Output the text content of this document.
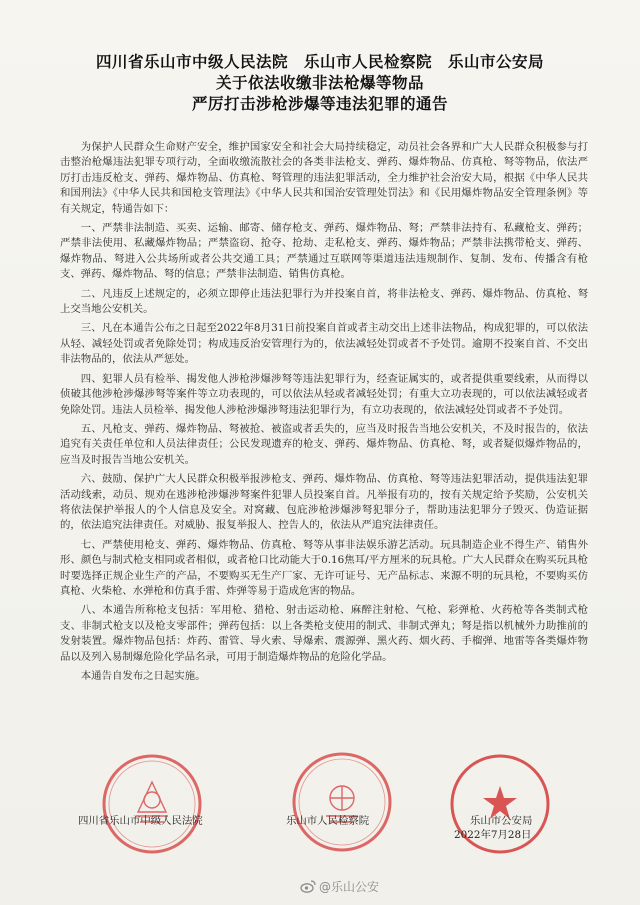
四川省乐山市中级人民法院　乐山市人民检察院　乐山市公安局
关于依法收缴非法枪爆等物品
严厉打击涉枪涉爆等违法犯罪的通告

为保护人民群众生命财产安全，维护国家安全和社会大局持续稳定，动员社会各界和广大人民群众积极参与打击整治枪爆违法犯罪专项行动，全面收缴流散社会的各类非法枪支、弹药、爆炸物品、仿真枪、弩等物品，依法严厉打击违反枪支、弹药、爆炸物品、仿真枪、弩管理的违法犯罪活动，全力维护社会治安大局，根据《中华人民共和国刑法》《中华人民共和国枪支管理法》《中华人民共和国治安管理处罚法》和《民用爆炸物品安全管理条例》等有关规定，特通告如下：

一、严禁非法制造、买卖、运输、邮寄、储存枪支、弹药、爆炸物品、弩；严禁非法持有、私藏枪支、弹药；严禁非法使用、私藏爆炸物品；严禁盗窃、抢夺、抢劫、走私枪支、弹药、爆炸物品；严禁非法携带枪支、弹药、爆炸物品、弩进入公共场所或者公共交通工具；严禁通过互联网等渠道违法违规制作、复制、发布、传播含有枪支、弹药、爆炸物品、弩的信息；严禁非法制造、销售仿真枪。

二、凡违反上述规定的，必须立即停止违法犯罪行为并投案自首，将非法枪支、弹药、爆炸物品、仿真枪、弩上交当地公安机关。

三、凡在本通告公布之日起至2022年8月31日前投案自首或者主动交出上述非法物品，构成犯罪的，可以依法从轻、减轻处罚或者免除处罚；构成违反治安管理行为的，依法减轻处罚或者不予处罚。逾期不投案自首、不交出非法物品的，依法从严惩处。

四、犯罪人员有检举、揭发他人涉枪涉爆涉弩等违法犯罪行为，经查证属实的，或者提供重要线索，从而得以侦破其他涉枪涉爆涉弩等案件等立功表现的，可以依法从轻或者减轻处罚；有重大立功表现的，可以依法减轻或者免除处罚。违法人员检举、揭发他人涉枪涉爆涉弩违法犯罪行为，有立功表现的，依法减轻处罚或者不予处罚。

五、凡枪支、弹药、爆炸物品、弩被抢、被盗或者丢失的，应当及时报告当地公安机关，不及时报告的，依法追究有关责任单位和人员法律责任；公民发现遗弃的枪支、弹药、爆炸物品、仿真枪、弩，或者疑似爆炸物品的，应当及时报告当地公安机关。

六、鼓励、保护广大人民群众积极举报涉枪支、弹药、爆炸物品、仿真枪、弩等违法犯罪活动，提供违法犯罪活动线索，动员、规劝在逃涉枪涉爆涉弩案件犯罪人员投案自首。凡举报有功的，按有关规定给予奖励，公安机关将依法保护举报人的个人信息及安全。对窝藏、包庇涉枪涉爆涉弩犯罪分子，帮助违法犯罪分子毁灭、伪造证据的，依法追究法律责任。对威胁、报复举报人、控告人的，依法从严追究法律责任。

七、严禁使用枪支、弹药、爆炸物品、仿真枪、弩等从事非法娱乐游艺活动。玩具制造企业不得生产、销售外形、颜色与制式枪支相同或者相似，或者枪口比动能大于0.16焦耳/平方厘米的玩具枪。广大人民群众在购买玩具枪时要选择正规企业生产的产品，不要购买无生产厂家、无许可证号、无产品标志、来源不明的玩具枪，不要购买仿真枪、火柴枪、水弹枪和仿真手雷、炸弹等易于造成危害的物品。

八、本通告所称枪支包括：军用枪、猎枪、射击运动枪、麻醉注射枪、气枪、彩弹枪、火药枪等各类制式枪支、非制式枪支以及枪支零部件；弹药包括：以上各类枪支使用的制式、非制式弹丸；弩是指以机械外力助推前的发射装置。爆炸物品包括：炸药、雷管、导火索、导爆索、震源弹、黑火药、烟火药、手榴弹、地雷等各类爆炸物品以及列入易制爆危险化学品名录，可用于制造爆炸物品的危险化学品。

本通告自发布之日起实施。

四川省乐山市中级人民法院	乐山市人民检察院	乐山市公安局
2022年7月28日
@乐山公安
